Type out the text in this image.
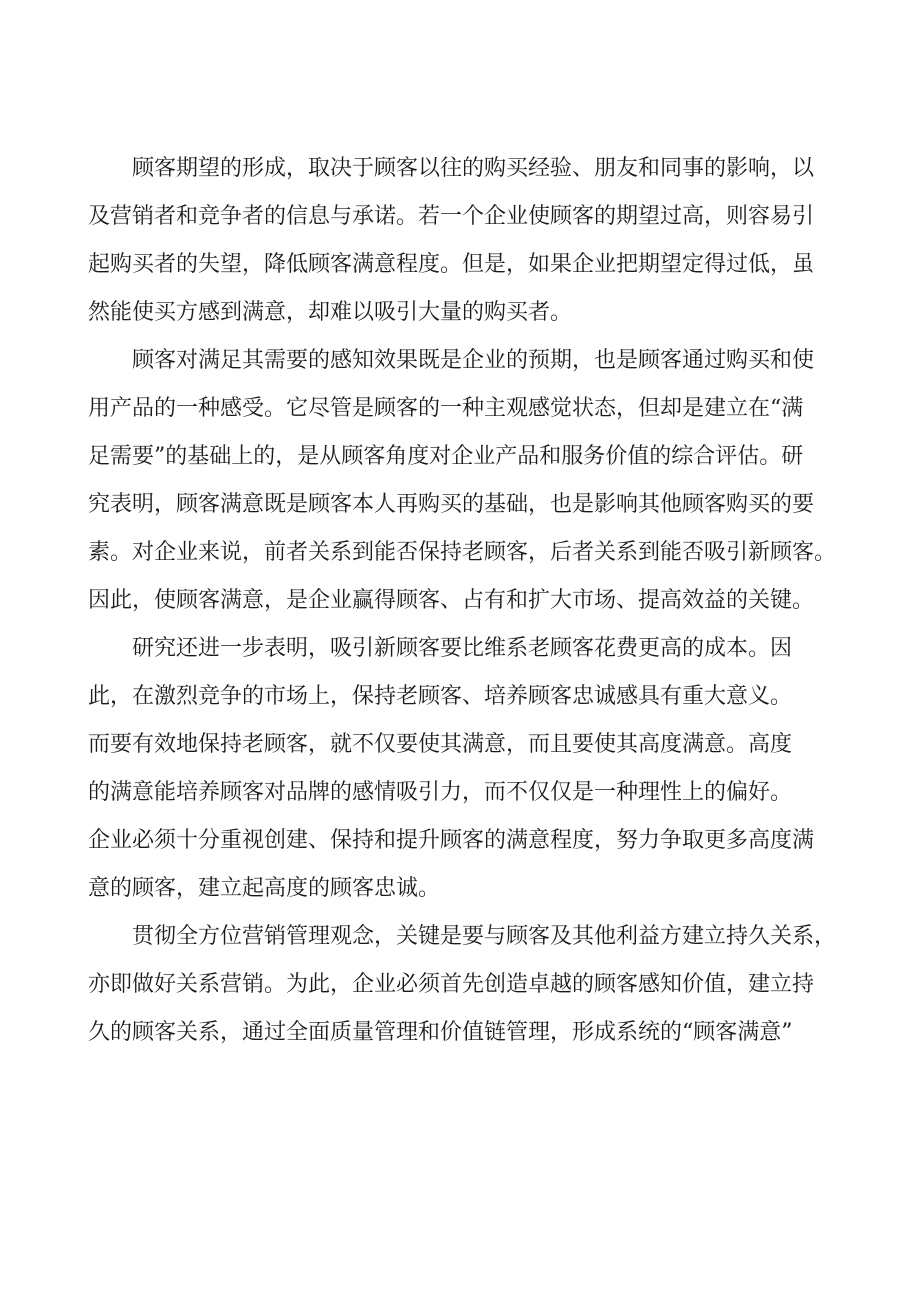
顾客期望的形成，取决于顾客以往的购买经验、朋友和同事的影响，以
及营销者和竞争者的信息与承诺。若一个企业使顾客的期望过高，则容易引
起购买者的失望，降低顾客满意程度。但是，如果企业把期望定得过低，虽
然能使买方感到满意，却难以吸引大量的购买者。
顾客对满足其需要的感知效果既是企业的预期，也是顾客通过购买和使
用产品的一种感受。它尽管是顾客的一种主观感觉状态，但却是建立在“满
足需要”的基础上的，是从顾客角度对企业产品和服务价值的综合评估。研
究表明，顾客满意既是顾客本人再购买的基础，也是影响其他顾客购买的要
素。对企业来说，前者关系到能否保持老顾客，后者关系到能否吸引新顾客。
因此，使顾客满意，是企业赢得顾客、占有和扩大市场、提高效益的关键。
研究还进一步表明，吸引新顾客要比维系老顾客花费更高的成本。因
此，在激烈竞争的市场上，保持老顾客、培养顾客忠诚感具有重大意义。
而要有效地保持老顾客，就不仅要使其满意，而且要使其高度满意。高度
的满意能培养顾客对品牌的感情吸引力，而不仅仅是一种理性上的偏好。
企业必须十分重视创建、保持和提升顾客的满意程度，努力争取更多高度满
意的顾客，建立起高度的顾客忠诚。
贯彻全方位营销管理观念，关键是要与顾客及其他利益方建立持久关系，
亦即做好关系营销。为此，企业必须首先创造卓越的顾客感知价值，建立持
久的顾客关系，通过全面质量管理和价值链管理，形成系统的“顾客满意”
